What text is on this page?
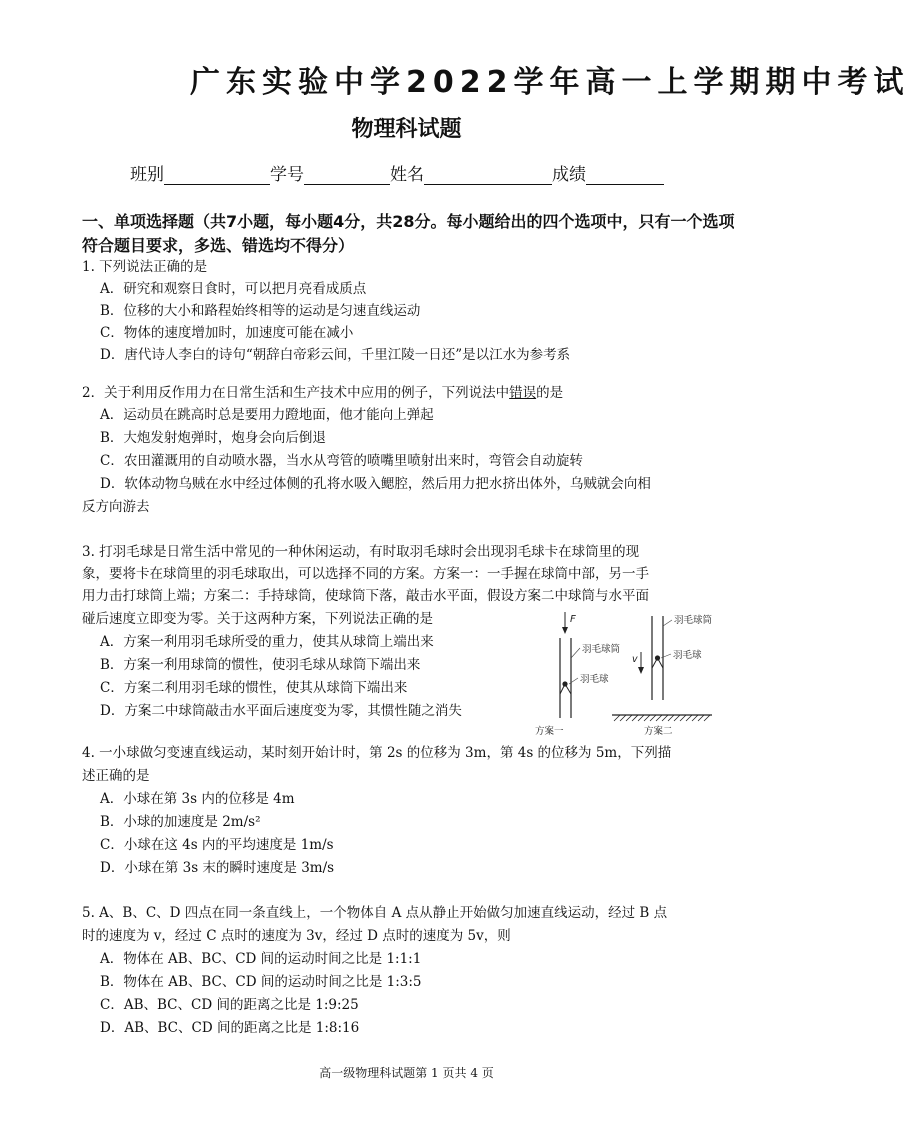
广东实验中学2022学年高一上学期期中考试
物理科试题
班别	学号	姓名	成绩
一、单项选择题（共7小题，每小题4分，共28分。每小题给出的四个选项中，只有一个选项符合题目要求，多选、错选均不得分）
1. 下列说法正确的是
A．研究和观察日食时，可以把月亮看成质点
B．位移的大小和路程始终相等的运动是匀速直线运动
C．物体的速度增加时，加速度可能在减小
D．唐代诗人李白的诗句“朝辞白帝彩云间，千里江陵一日还”是以江水为参考系
2．关于利用反作用力在日常生活和生产技术中应用的例子，下列说法中错误的是
A．运动员在跳高时总是要用力蹬地面，他才能向上弹起
B．大炮发射炮弹时，炮身会向后倒退
C．农田灌溉用的自动喷水器，当水从弯管的喷嘴里喷射出来时，弯管会自动旋转
D．软体动物乌贼在水中经过体侧的孔将水吸入鳃腔，然后用力把水挤出体外，乌贼就会向相
反方向游去
3. 打羽毛球是日常生活中常见的一种休闲运动，有时取羽毛球时会出现羽毛球卡在球筒里的现
象，要将卡在球筒里的羽毛球取出，可以选择不同的方案。方案一：一手握在球筒中部，另一手
用力击打球筒上端；方案二：手持球筒，使球筒下落，敲击水平面，假设方案二中球筒与水平面
碰后速度立即变为零。关于这两种方案，下列说法正确的是
A．方案一利用羽毛球所受的重力，使其从球筒上端出来
B．方案一利用球筒的惯性，使羽毛球从球筒下端出来
C．方案二利用羽毛球的惯性，使其从球筒下端出来
D．方案二中球筒敲击水平面后速度变为零，其惯性随之消失
F
羽毛球筒
羽毛球
方案一
v
羽毛球筒
羽毛球
方案二
4. 一小球做匀变速直线运动，某时刻开始计时，第 2s 的位移为 3m，第 4s 的位移为 5m，下列描
述正确的是
A．小球在第 3s 内的位移是 4m
B．小球的加速度是 2m/s²
C．小球在这 4s 内的平均速度是 1m/s
D．小球在第 3s 末的瞬时速度是 3m/s
5. A、B、C、D 四点在同一条直线上，一个物体自 A 点从静止开始做匀加速直线运动，经过 B 点
时的速度为 v，经过 C 点时的速度为 3v，经过 D 点时的速度为 5v，则
A．物体在 AB、BC、CD 间的运动时间之比是 1:1:1
B．物体在 AB、BC、CD 间的运动时间之比是 1:3:5
C．AB、BC、CD 间的距离之比是 1:9:25
D．AB、BC、CD 间的距离之比是 1:8:16
高一级物理科试题第 1 页共 4 页
